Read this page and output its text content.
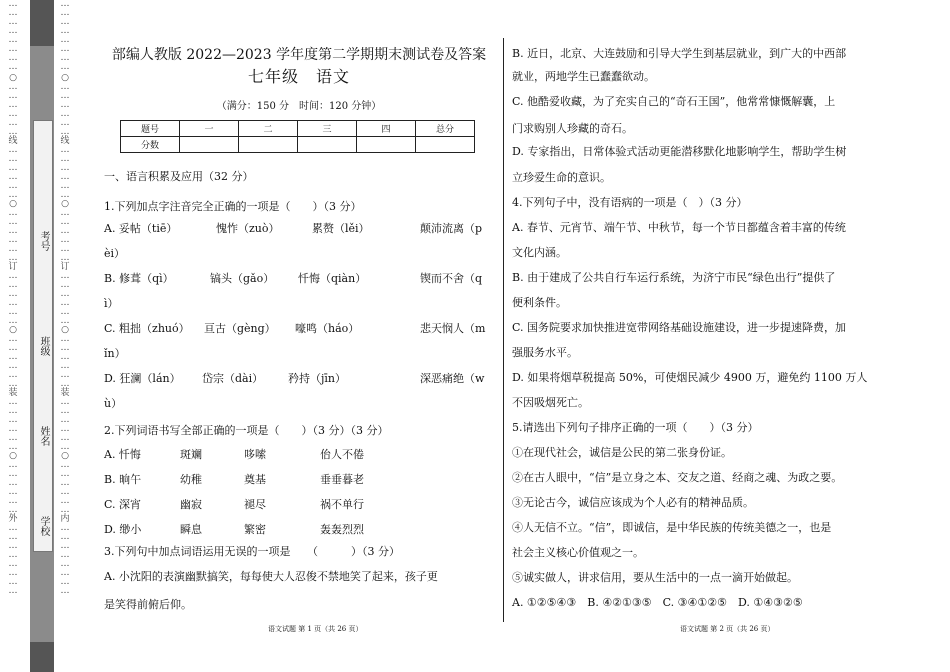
…
…
…
…
…
…
…
…
○
…
…
…
…
…
…
线
…
…
…
…
…
…
○
…
…
…
…
…
…
订
…
…
…
…
…
…
○
…
…
…
…
…
…
装
…
…
…
…
…
…
○
…
…
…
…
…
…
外
…
…
…
…
…
…
…
…
考号
班级
姓名
学校
…
…
…
…
…
…
…
…
○
…
…
…
…
…
…
线
…
…
…
…
…
…
○
…
…
…
…
…
…
订
…
…
…
…
…
…
○
…
…
…
…
…
…
装
…
…
…
…
…
…
○
…
…
…
…
…
…
内
…
…
…
…
…
…
…
…
部编人教版 2022—2023 学年度第二学期期末测试卷及答案
七年级　语文
（满分：150 分　时间：120 分钟）
题号	一	二	三	四	总分
分数					
一、语言积累及应用（32 分）
1.下列加点字注音完全正确的一项是（　　）（3 分）
A. 妥帖（tiē）	愧怍（zuò）	累赘（lěi）	颠沛流离（p
èi）
B. 修葺（qì）	镐头（gǎo） 忏悔（qiàn）	锲而不舍（q
ì）
C. 粗拙（zhuó） 亘古（gèng） 嚎鸣（háo）	悲天悯人（m
ǐn）
D. 狂澜（lán） 岱宗（dài） 矜持（jīn）	深恶痛绝（w
ù）
2.下列词语书写全部正确的一项是（　　）（3 分）（3 分）
A. 忏悔	斑斓	哆嗦	佁人不倦
B. 晌午	幼稚	奠基	垂垂暮老
C. 深宵	幽寂	褪尽	祸不单行
D. 缈小	瞬息	繁密	轰轰烈烈
3.下列句中加点词语运用无误的一项是　　（　　　）（3 分）
A. 小沈阳的表演幽默搞笑，每每使大人忍俊不禁地笑了起来，孩子更
是笑得前俯后仰。
语文试题 第 1 页（共 26 页）
B. 近日，北京、大连鼓励和引导大学生到基层就业，到广大的中西部
就业，两地学生已蠢蠢欲动。
C. 他酷爱收藏，为了充实自己的“奇石王国”，他常常慷慨解囊，上
门求购别人珍藏的奇石。
D. 专家指出，日常体验式活动更能潜移默化地影响学生，帮助学生树
立珍爱生命的意识。
4.下列句子中，没有语病的一项是（　）（3 分）
A. 春节、元宵节、端午节、中秋节，每一个节日都蕴含着丰富的传统
文化内涵。
B. 由于建成了公共自行车运行系统，为济宁市民“绿色出行”提供了
便利条件。
C. 国务院要求加快推进宽带网络基础设施建设，进一步提速降费，加
强服务水平。
D. 如果将烟草税提高 50%，可使烟民减少 4900 万，避免约 1100 万人
不因吸烟死亡。
5.请选出下列句子排序正确的一项（　　）（3 分）
①在现代社会，诚信是公民的第二张身份证。
②在古人眼中，“信”是立身之本、交友之道、经商之魂、为政之要。
③无论古今，诚信应该成为个人必有的精神品质。
④人无信不立。“信”，即诚信，是中华民族的传统美德之一，也是
社会主义核心价值观之一。
⑤诚实做人，讲求信用，要从生活中的一点一滴开始做起。
A. ①②⑤④③　B. ④②①③⑤　C. ③④①②⑤　D. ①④③②⑤
语文试题 第 2 页（共 26 页）
